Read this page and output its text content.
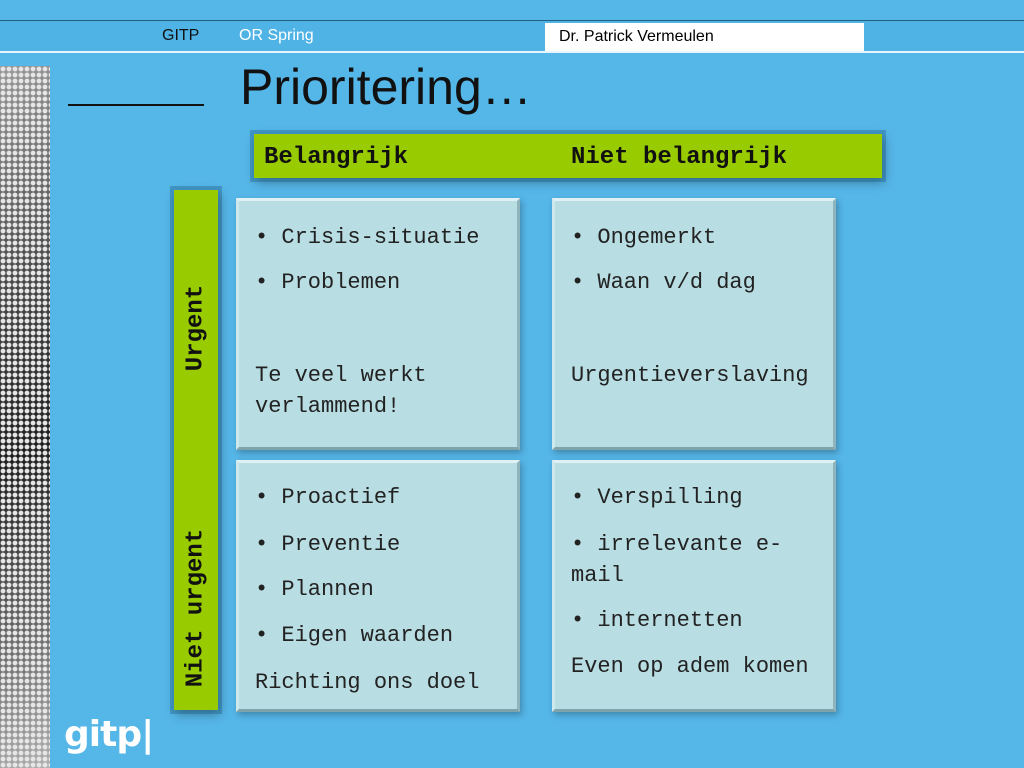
GITP OR Spring	Dr. Patrick Vermeulen
gitp|
Prioritering…
Belangrijk	Niet belangrijk
Urgent
Niet urgent
• Crisis-situatie
• Problemen
Te veel werkt verlammend!
• Ongemerkt
• Waan v/d dag
Urgentieverslaving
• Proactief
• Preventie
• Plannen
• Eigen waarden
Richting ons doel
• Verspilling
• irrelevante e-mail
• internetten
Even op adem komen
